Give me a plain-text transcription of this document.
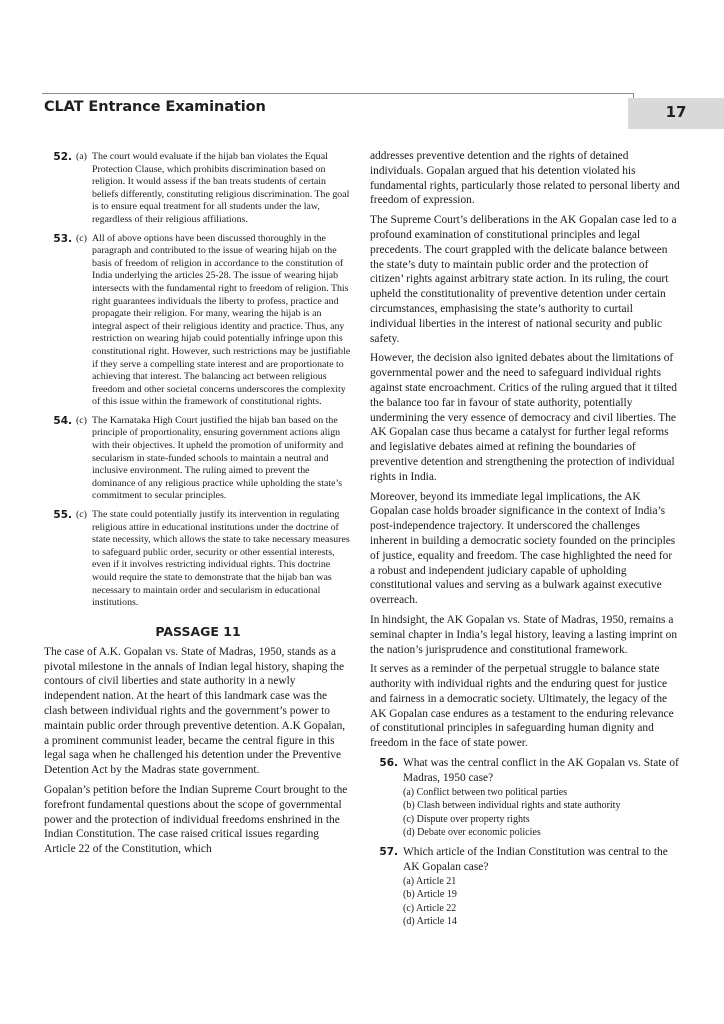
CLAT Entrance Examination	17
52. (a) The court would evaluate if the hijab ban violates the Equal Protection Clause, which prohibits discrimination based on religion. It would assess if the ban treats students of certain beliefs differently, constituting religious discrimination. The goal is to ensure equal treatment for all students under the law, regardless of their religious affiliations.
53. (c) All of above options have been discussed thoroughly in the paragraph and contributed to the issue of wearing hijab on the basis of freedom of religion in accordance to the constitution of India underlying the articles 25-28. The issue of wearing hijab intersects with the fundamental right to freedom of religion. This right guarantees individuals the liberty to profess, practice and propagate their religion. For many, wearing the hijab is an integral aspect of their religious identity and practice. Thus, any restriction on wearing hijab could potentially infringe upon this constitutional right. However, such restrictions may be justifiable if they serve a compelling state interest and are proportionate to achieving that interest. The balancing act between religious freedom and other societal concerns underscores the complexity of this issue within the framework of constitutional rights.
54. (c) The Karnataka High Court justified the hijab ban based on the principle of proportionality, ensuring government actions align with their objectives. It upheld the promotion of uniformity and secularism in state-funded schools to maintain a neutral and inclusive environment. The ruling aimed to prevent the dominance of any religious practice while upholding the state’s commitment to secular principles.
55. (c) The state could potentially justify its intervention in regulating religious attire in educational institutions under the doctrine of state necessity, which allows the state to take necessary measures to safeguard public order, security or other essential interests, even if it involves restricting individual rights. This doctrine would require the state to demonstrate that the hijab ban was necessary to maintain order and secularism in educational institutions.
PASSAGE 11

The case of A.K. Gopalan vs. State of Madras, 1950, stands as a pivotal milestone in the annals of Indian legal history, shaping the contours of civil liberties and state authority in a newly independent nation. At the heart of this landmark case was the clash between individual rights and the government’s power to maintain public order through preventive detention. A.K Gopalan, a prominent communist leader, became the central figure in this legal saga when he challenged his detention under the Preventive Detention Act by the Madras state government.

Gopalan’s petition before the Indian Supreme Court brought to the forefront fundamental questions about the scope of governmental power and the protection of individual freedoms enshrined in the Indian Constitution. The case raised critical issues regarding Article 22 of the Constitution, which

addresses preventive detention and the rights of detained individuals. Gopalan argued that his detention violated his fundamental rights, particularly those related to personal liberty and freedom of expression.

The Supreme Court’s deliberations in the AK Gopalan case led to a profound examination of constitutional principles and legal precedents. The court grappled with the delicate balance between the state’s duty to maintain public order and the protection of citizen’ rights against arbitrary state action. In its ruling, the court upheld the constitutionality of preventive detention under certain circumstances, emphasising the state’s authority to curtail individual liberties in the interest of national security and public safety.

However, the decision also ignited debates about the limitations of governmental power and the need to safeguard individual rights against state encroachment. Critics of the ruling argued that it tilted the balance too far in favour of state authority, potentially undermining the very essence of democracy and civil liberties. The AK Gopalan case thus became a catalyst for further legal reforms and legislative debates aimed at refining the boundaries of preventive detention and strengthening the protection of individual rights in India.

Moreover, beyond its immediate legal implications, the AK Gopalan case holds broader significance in the context of India’s post-independence trajectory. It underscored the challenges inherent in building a democratic society founded on the principles of justice, equality and freedom. The case highlighted the need for a robust and independent judiciary capable of upholding constitutional values and serving as a bulwark against executive overreach.

In hindsight, the AK Gopalan vs. State of Madras, 1950, remains a seminal chapter in India’s legal history, leaving a lasting imprint on the nation’s jurisprudence and constitutional framework.

It serves as a reminder of the perpetual struggle to balance state authority with individual rights and the enduring quest for justice and fairness in a democratic society. Ultimately, the legacy of the AK Gopalan case endures as a testament to the enduring relevance of constitutional principles in safeguarding human dignity and freedom in the face of state power.

56. What was the central conflict in the AK Gopalan vs. State of Madras, 1950 case?
(a) Conflict between two political parties
(b) Clash between individual rights and state authority
(c) Dispute over property rights
(d) Debate over economic policies
57. Which article of the Indian Constitution was central to the AK Gopalan case?
(a) Article 21
(b) Article 19
(c) Article 22
(d) Article 14
